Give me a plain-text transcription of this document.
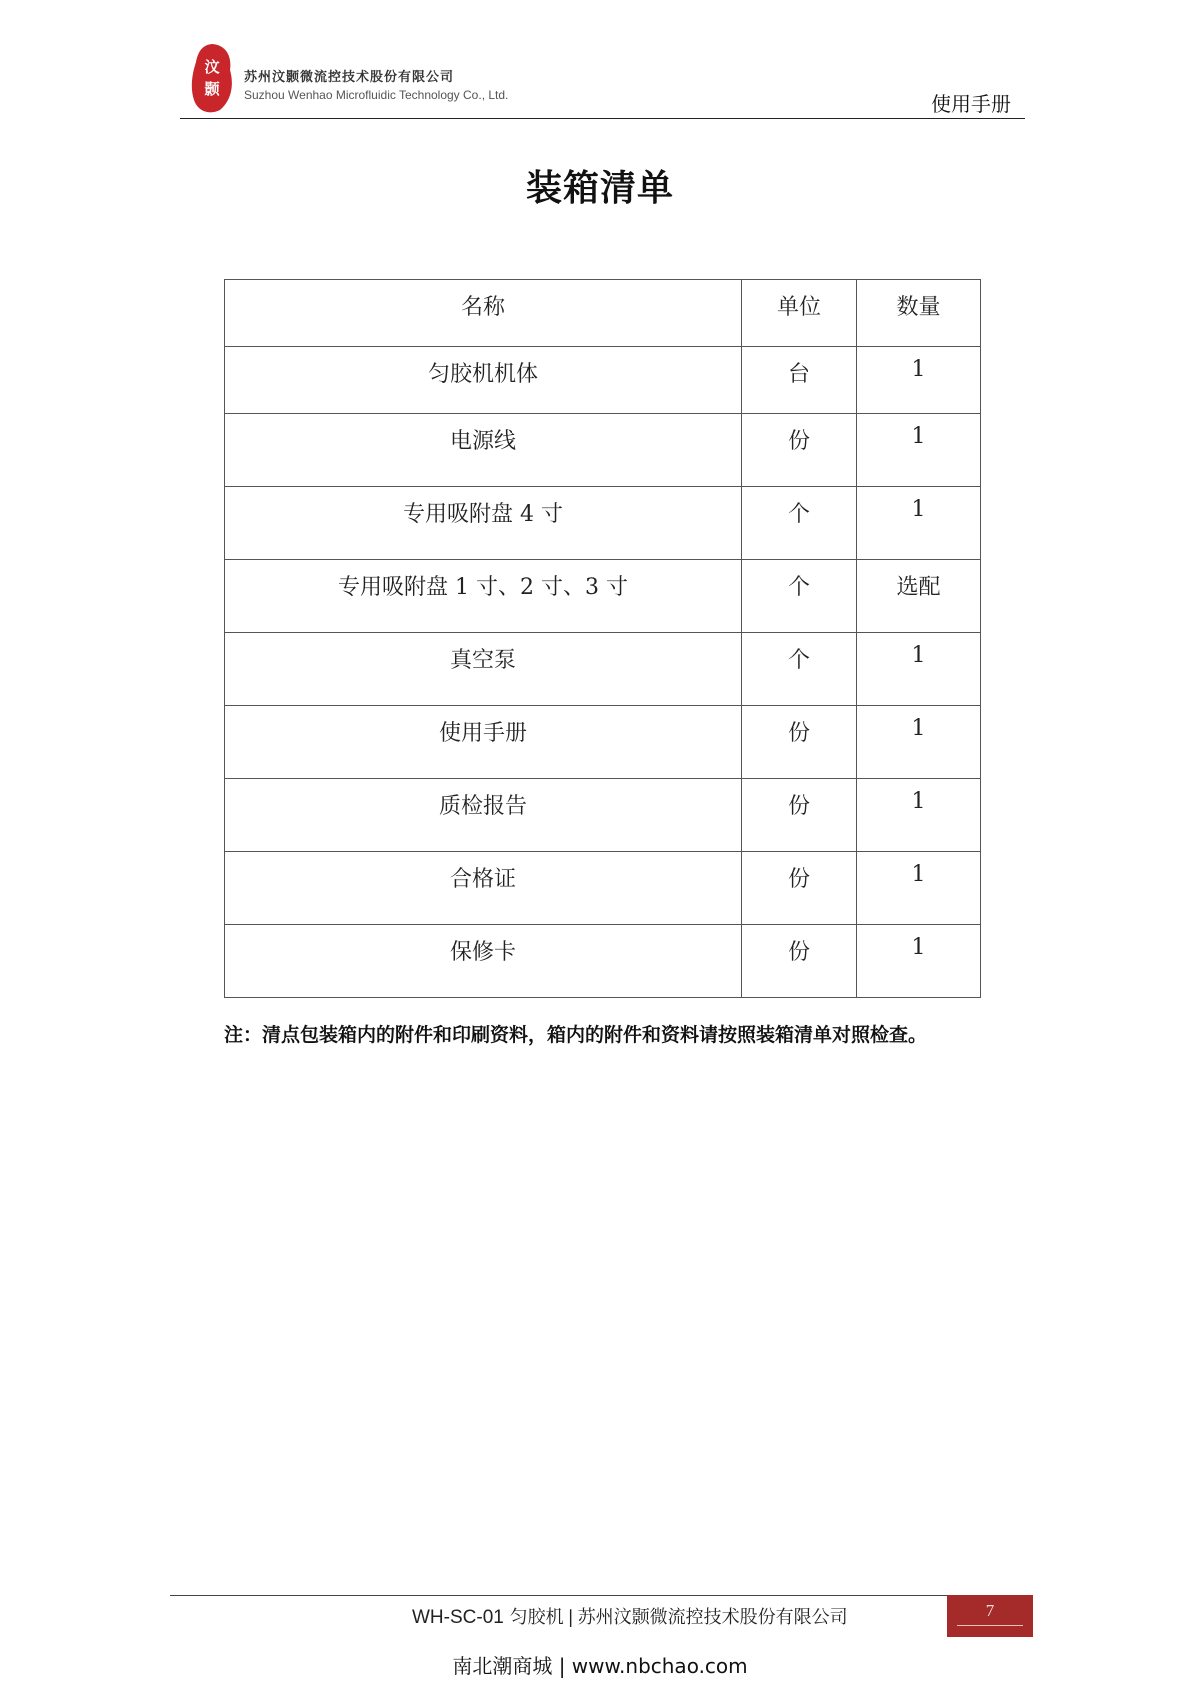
汶
颢
苏州汶颢微流控技术股份有限公司
Suzhou Wenhao Microfluidic Technology Co., Ltd.	使用手册
装箱清单
名称	单位	数量
匀胶机机体	台	1
电源线	份	1
专用吸附盘 4 寸	个	1
专用吸附盘 1 寸、2 寸、3 寸	个	选配
真空泵	个	1
使用手册	份	1
质检报告	份	1
合格证	份	1
保修卡	份	1
注：清点包装箱内的附件和印刷资料，箱内的附件和资料请按照装箱清单对照检查。
WH-SC-01 匀胶机 | 苏州汶颢微流控技术股份有限公司	7
南北潮商城 | www.nbchao.com
